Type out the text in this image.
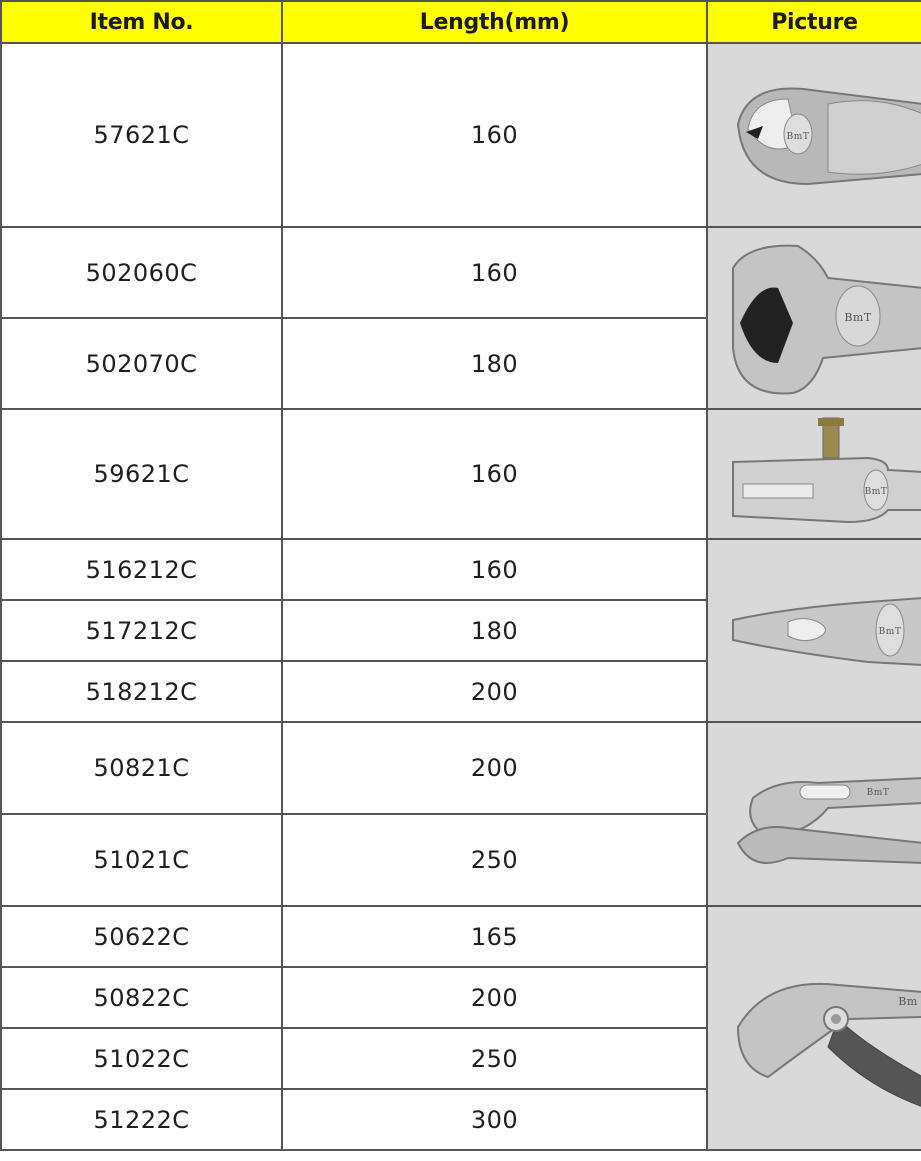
Item No.	Length(mm)	Picture
57621C	160	BmT

502060C	160	BmT

502070C	180	
59621C	160	BmT

516212C	160	BmT

517212C	180	
518212C	200	
50821C	200	BmT

51021C	250	
50622C	165	Bm

50822C	200	
51022C	250	
51222C	300	
